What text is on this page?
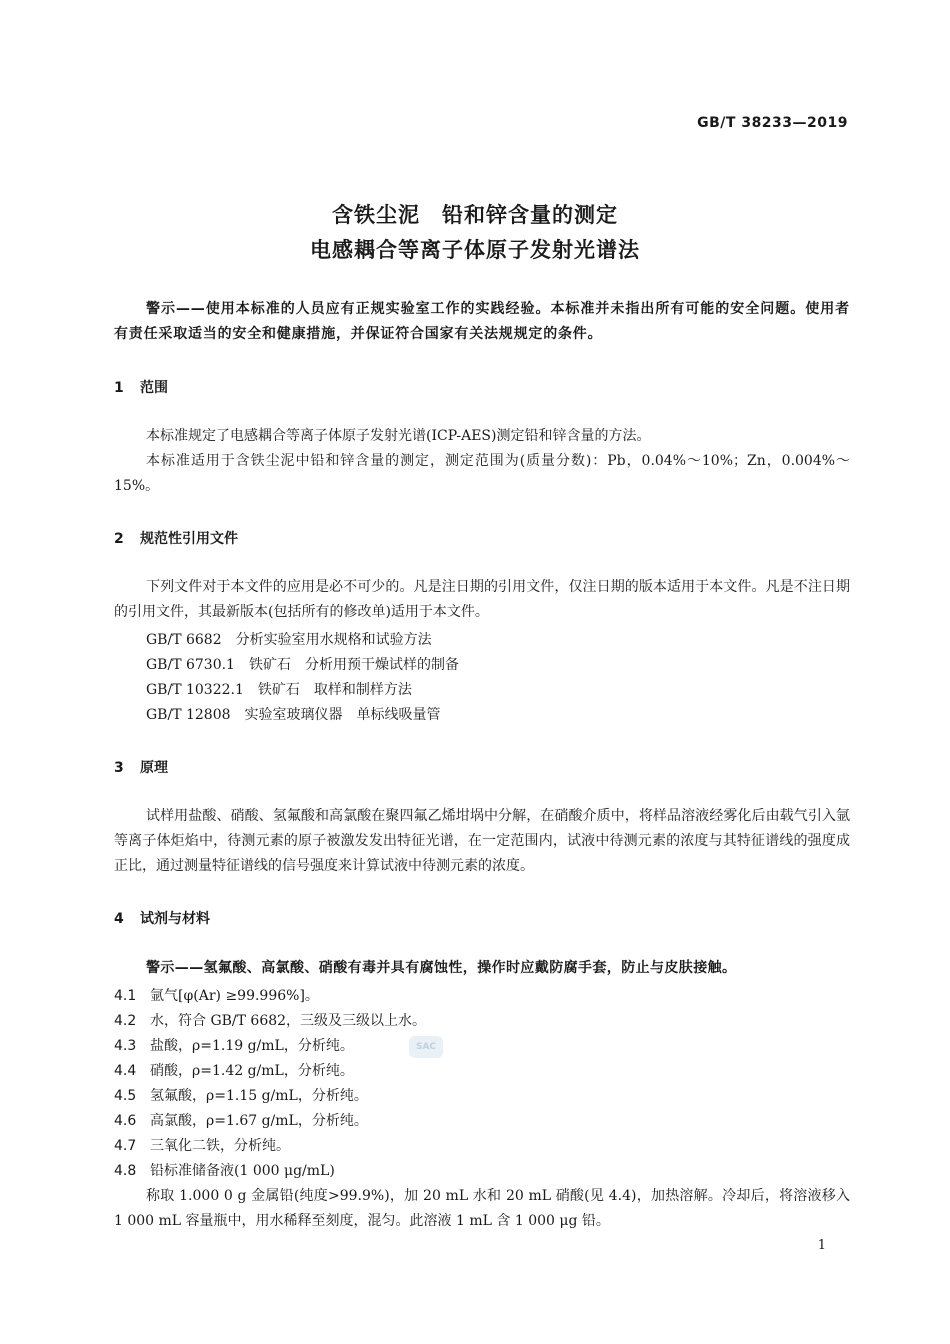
GB/T 38233—2019
含铁尘泥　铅和锌含量的测定
电感耦合等离子体原子发射光谱法
警示——使用本标准的人员应有正规实验室工作的实践经验。本标准并未指出所有可能的安全问题。使用者有责任采取适当的安全和健康措施，并保证符合国家有关法规规定的条件。
1 范围
本标准规定了电感耦合等离子体原子发射光谱(ICP-AES)测定铅和锌含量的方法。
本标准适用于含铁尘泥中铅和锌含量的测定，测定范围为(质量分数)：Pb，0.04%～10%；Zn，0.004%～15%。
2 规范性引用文件
下列文件对于本文件的应用是必不可少的。凡是注日期的引用文件，仅注日期的版本适用于本文件。凡是不注日期的引用文件，其最新版本(包括所有的修改单)适用于本文件。
GB/T 6682　分析实验室用水规格和试验方法
GB/T 6730.1　铁矿石　分析用预干燥试样的制备
GB/T 10322.1　铁矿石　取样和制样方法
GB/T 12808　实验室玻璃仪器　单标线吸量管
3 原理
试样用盐酸、硝酸、氢氟酸和高氯酸在聚四氟乙烯坩埚中分解，在硝酸介质中，将样品溶液经雾化后由载气引入氩等离子体炬焰中，待测元素的原子被激发发出特征光谱，在一定范围内，试液中待测元素的浓度与其特征谱线的强度成正比，通过测量特征谱线的信号强度来计算试液中待测元素的浓度。
4 试剂与材料
警示——氢氟酸、高氯酸、硝酸有毒并具有腐蚀性，操作时应戴防腐手套，防止与皮肤接触。
4.1 氩气[φ(Ar) ≥99.996%]。
4.2 水，符合 GB/T 6682，三级及三级以上水。
4.3 盐酸，ρ=1.19 g/mL，分析纯。
4.4 硝酸，ρ=1.42 g/mL，分析纯。
4.5 氢氟酸，ρ=1.15 g/mL，分析纯。
4.6 高氯酸，ρ=1.67 g/mL，分析纯。
4.7 三氧化二铁，分析纯。
4.8 铅标准储备液(1 000 μg/mL)
称取 1.000 0 g 金属铅(纯度>99.9%)，加 20 mL 水和 20 mL 硝酸(见 4.4)，加热溶解。冷却后，将溶液移入 1 000 mL 容量瓶中，用水稀释至刻度，混匀。此溶液 1 mL 含 1 000 μg 铅。
SAC
1
